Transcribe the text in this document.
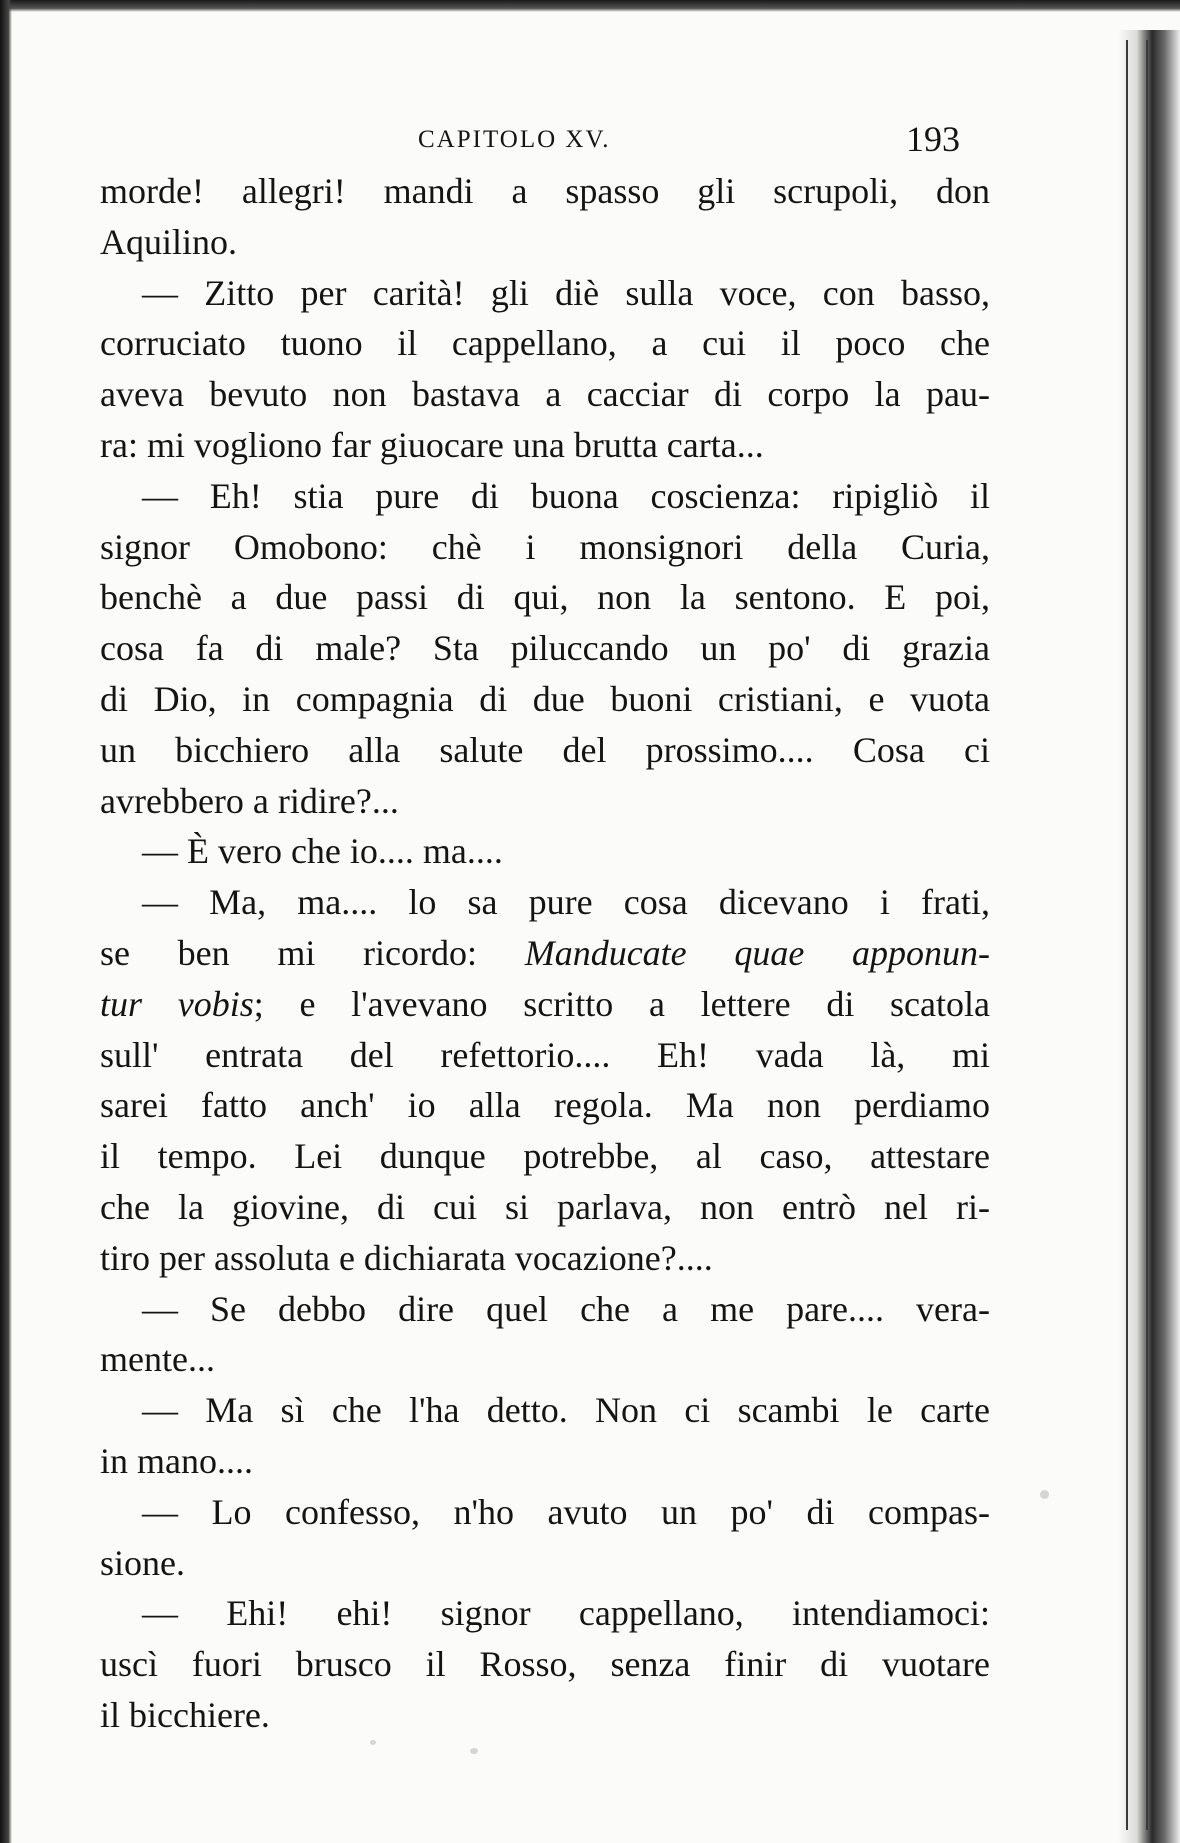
CAPITOLO XV.	193
morde! allegri! mandi a spasso gli scrupoli, don
Aquilino.
— Zitto per carità! gli diè sulla voce, con basso,
corruciato tuono il cappellano, a cui il poco che
aveva bevuto non bastava a cacciar di corpo la pau-
ra: mi vogliono far giuocare una brutta carta...
— Eh! stia pure di buona coscienza: ripigliò il
signor Omobono: chè i monsignori della Curia,
benchè a due passi di qui, non la sentono. E poi,
cosa fa di male? Sta piluccando un po' di grazia
di Dio, in compagnia di due buoni cristiani, e vuota
un bicchiero alla salute del prossimo.... Cosa ci
avrebbero a ridire?...
— È vero che io.... ma....
— Ma, ma.... lo sa pure cosa dicevano i frati,
se ben mi ricordo: Manducate quae apponun-
tur vobis; e l'avevano scritto a lettere di scatola
sull' entrata del refettorio.... Eh! vada là, mi
sarei fatto anch' io alla regola. Ma non perdiamo
il tempo. Lei dunque potrebbe, al caso, attestare
che la giovine, di cui si parlava, non entrò nel ri-
tiro per assoluta e dichiarata vocazione?....
— Se debbo dire quel che a me pare.... vera-
mente...
— Ma sì che l'ha detto. Non ci scambi le carte
in mano....
— Lo confesso, n'ho avuto un po' di compas-
sione.
— Ehi! ehi! signor cappellano, intendiamoci:
uscì fuori brusco il Rosso, senza finir di vuotare
il bicchiere.
